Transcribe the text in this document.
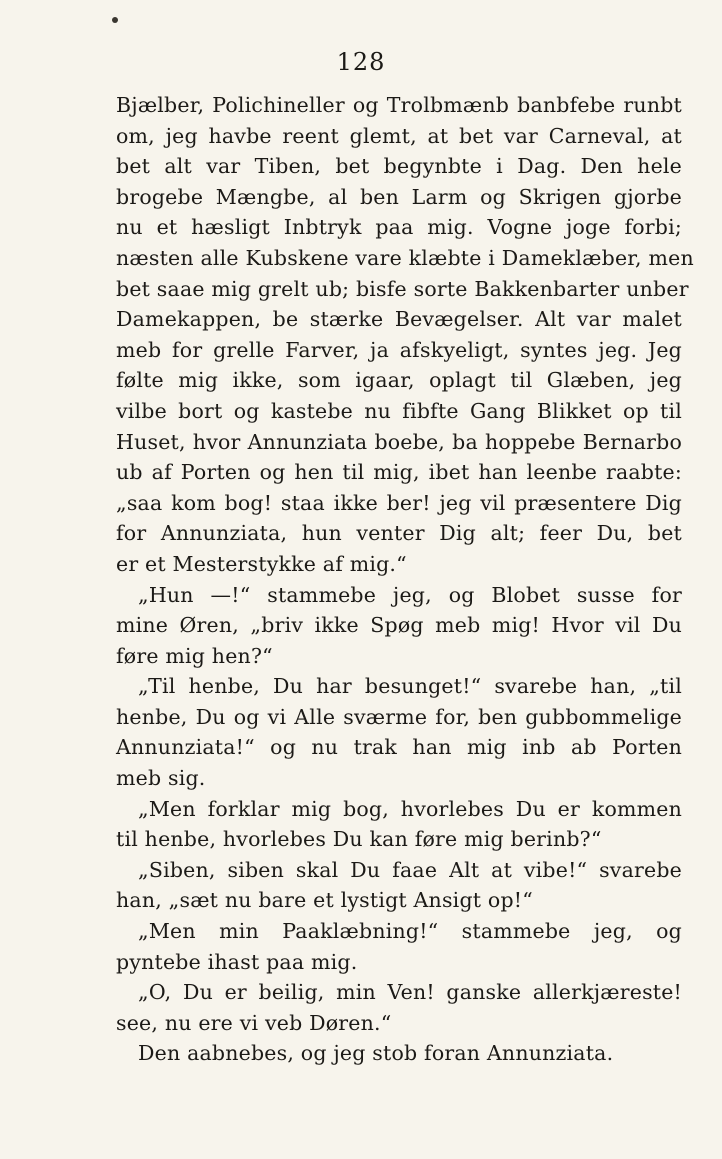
128
Bjælber, Polichineller og Trolbmænb banbfebe runbt
om, jeg havbe reent glemt, at bet var Carneval, at
bet alt var Tiben, bet begynbte i Dag. Den hele
brogebe Mængbe, al ben Larm og Skrigen gjorbe
nu et hæsligt Inbtryk paa mig. Vogne joge forbi;
næsten alle Kubskene vare klæbte i Dameklæber, men
bet saae mig grelt ub; bisfe sorte Bakkenbarter unber
Damekappen, be stærke Bevægelser. Alt var malet
meb for grelle Farver, ja afskyeligt, syntes jeg. Jeg
følte mig ikke, som igaar, oplagt til Glæben, jeg
vilbe bort og kastebe nu fibfte Gang Blikket op til
Huset, hvor Annunziata boebe, ba hoppebe Bernarbo
ub af Porten og hen til mig, ibet han leenbe raabte:
„saa kom bog! staa ikke ber! jeg vil præsentere Dig
for Annunziata, hun venter Dig alt; feer Du, bet
er et Mesterstykke af mig.“
„Hun —!“ stammebe jeg, og Blobet susse for
mine Øren, „briv ikke Spøg meb mig! Hvor vil Du
føre mig hen?“
„Til henbe, Du har besunget!“ svarebe han, „til
henbe, Du og vi Alle sværme for, ben gubbommelige
Annunziata!“ og nu trak han mig inb ab Porten
meb sig.
„Men forklar mig bog, hvorlebes Du er kommen
til henbe, hvorlebes Du kan føre mig berinb?“
„Siben, siben skal Du faae Alt at vibe!“ svarebe
han, „sæt nu bare et lystigt Ansigt op!“
„Men min Paaklæbning!“ stammebe jeg, og
pyntebe ihast paa mig.
„O, Du er beilig, min Ven! ganske allerkjæreste!
see, nu ere vi veb Døren.“
Den aabnebes, og jeg stob foran Annunziata.
